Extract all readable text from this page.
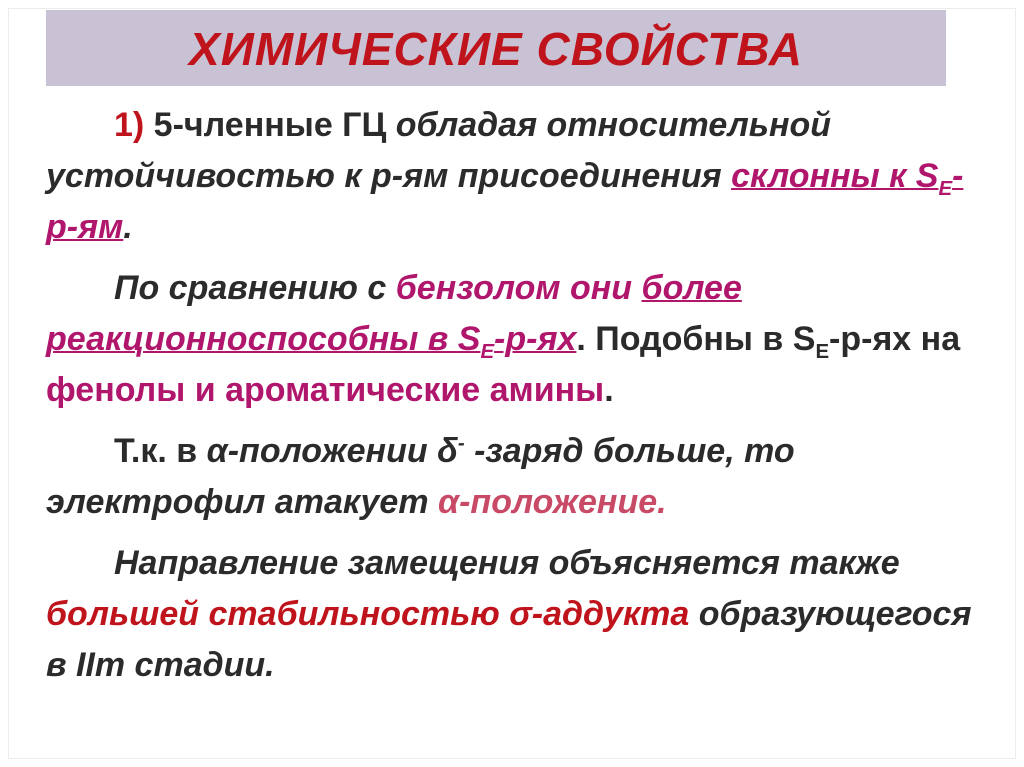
ХИМИЧЕСКИЕ СВОЙСТВА

1) 5-членные ГЦ обладая относительной устойчивостью к р-ям присоединения склонны к $S_E-р-ям$.

По сравнению с бензолом они более реакционноспособны в $S_E-р-ях$. Подобны в $S_E-р-ях$ на фенолы и ароматические амины.

Т.к. в α-положении δ- -заряд больше, то электрофил атакует α-положение.

Направление замещения объясняется также большей стабильностью σ-аддукта образующегося в IIm стадии.
